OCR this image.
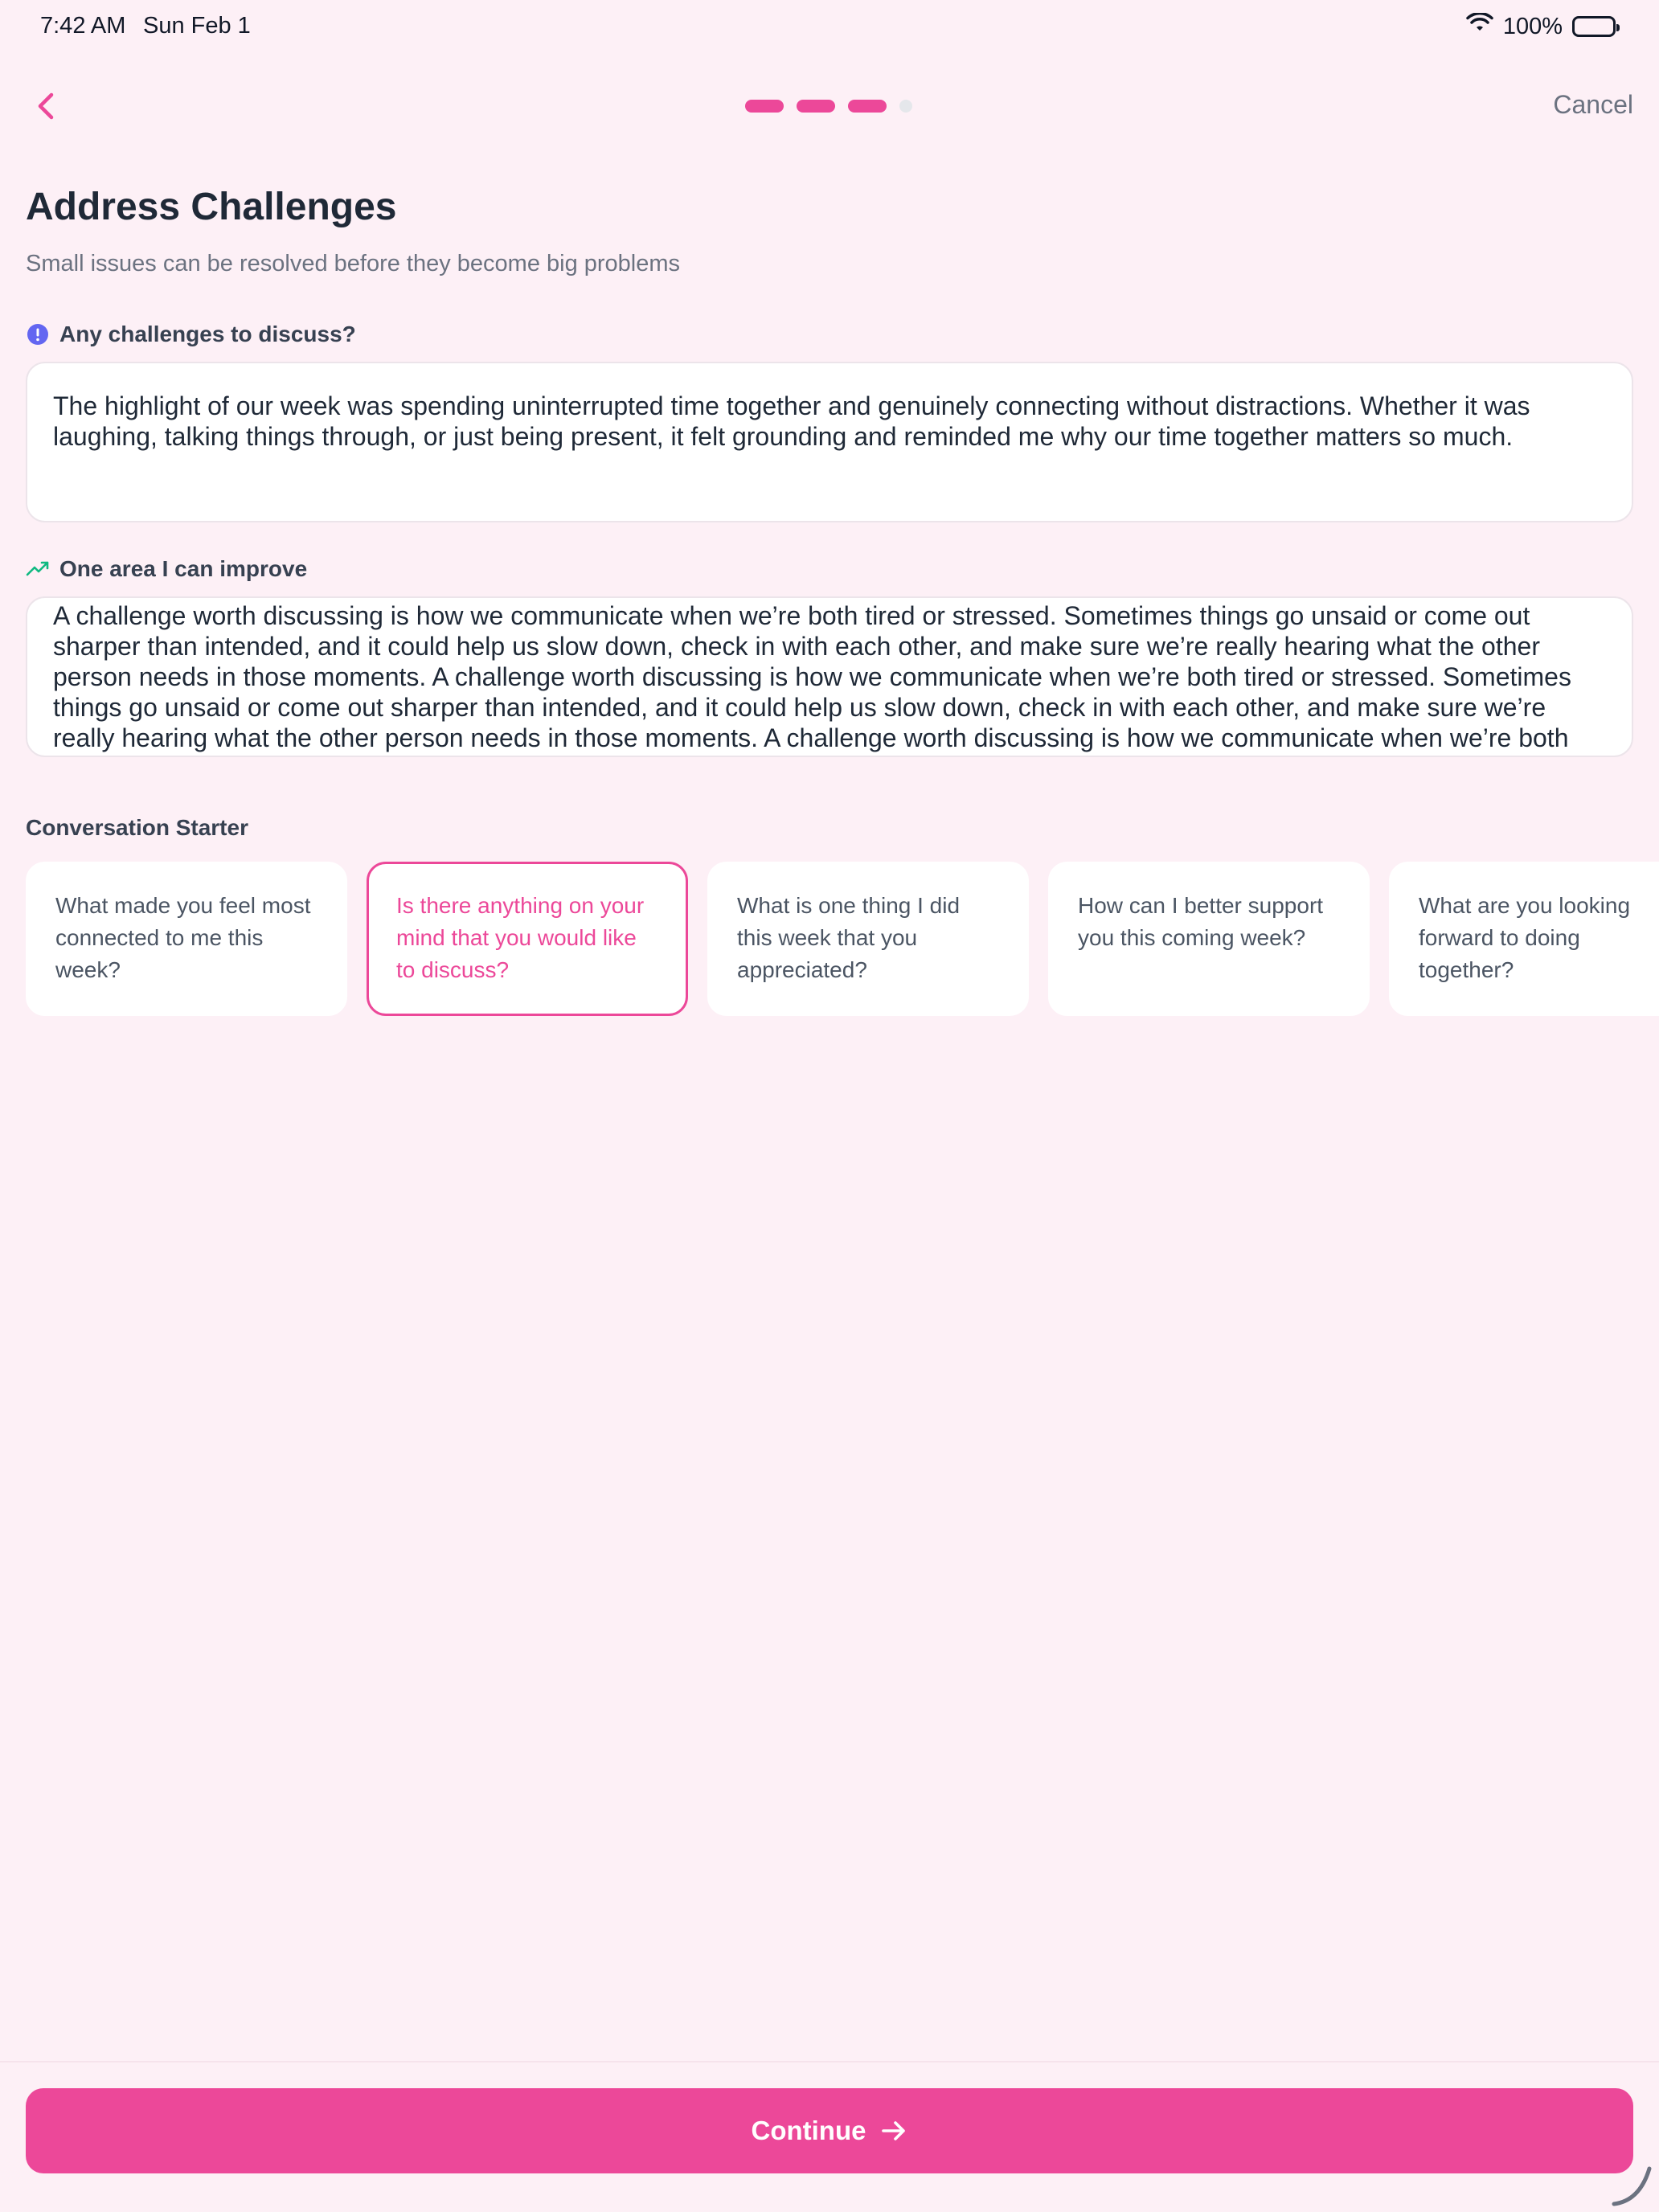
7:42 AM Sun Feb 1	100%
Cancel
Address Challenges
Small issues can be resolved before they become big problems
Any challenges to discuss?
The highlight of our week was spending uninterrupted time together and genuinely connecting without distractions. Whether it was laughing, talking things through, or just being present, it felt grounding and reminded me why our time together matters so much.
One area I can improve
A challenge worth discussing is how we communicate when we’re both tired or stressed. Sometimes things go unsaid or come out sharper than intended, and it could help us slow down, check in with each other, and make sure we’re really hearing what the other person needs in those moments. A challenge worth discussing is how we communicate when we’re both tired or stressed. Sometimes things go unsaid or come out sharper than intended, and it could help us slow down, check in with each other, and make sure we’re really hearing what the other person needs in those moments. A challenge worth discussing is how we communicate when we’re both
Conversation Starter
What made you feel most connected to me this week?
Is there anything on your mind that you would like to discuss?
What is one thing I did this week that you appreciated?
How can I better support you this coming week?
What are you looking forward to doing together?
Continue
